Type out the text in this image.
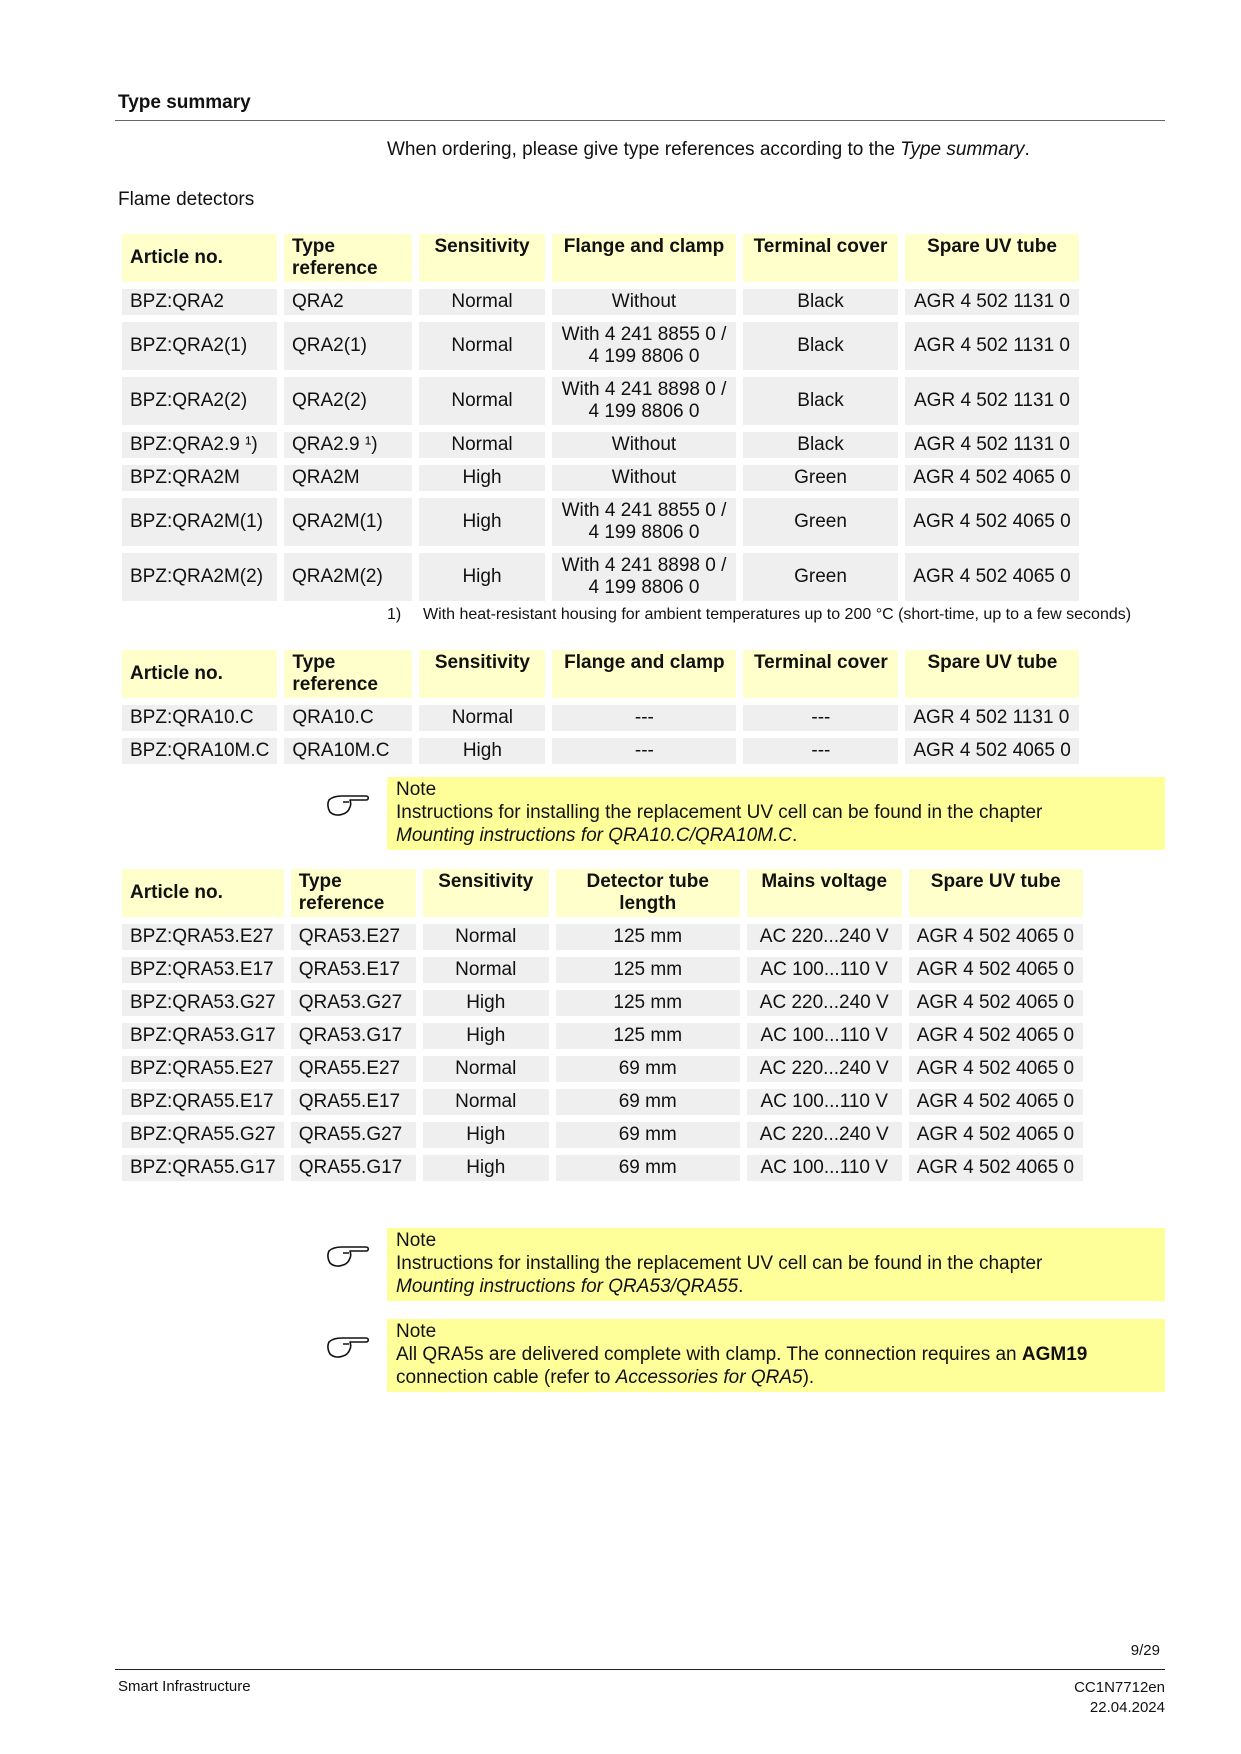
Type summary
When ordering, please give type references according to the Type summary.
Flame detectors
Article no.	Type reference	Sensitivity	Flange and clamp	Terminal cover	Spare UV tube
BPZ:QRA2	QRA2	Normal	Without	Black	AGR 4 502 1131 0
BPZ:QRA2(1)	QRA2(1)	Normal	With 4 241 8855 0 / 4 199 8806 0	Black	AGR 4 502 1131 0
BPZ:QRA2(2)	QRA2(2)	Normal	With 4 241 8898 0 / 4 199 8806 0	Black	AGR 4 502 1131 0
BPZ:QRA2.9 ¹)	QRA2.9 ¹)	Normal	Without	Black	AGR 4 502 1131 0
BPZ:QRA2M	QRA2M	High	Without	Green	AGR 4 502 4065 0
BPZ:QRA2M(1)	QRA2M(1)	High	With 4 241 8855 0 / 4 199 8806 0	Green	AGR 4 502 4065 0
BPZ:QRA2M(2)	QRA2M(2)	High	With 4 241 8898 0 / 4 199 8806 0	Green	AGR 4 502 4065 0
1) With heat-resistant housing for ambient temperatures up to 200 °C (short-time, up to a few seconds)
Article no.	Type reference	Sensitivity	Flange and clamp	Terminal cover	Spare UV tube
BPZ:QRA10.C	QRA10.C	Normal	---	---	AGR 4 502 1131 0
BPZ:QRA10M.C	QRA10M.C	High	---	---	AGR 4 502 4065 0
Note
Instructions for installing the replacement UV cell can be found in the chapter
Mounting instructions for QRA10.C/QRA10M.C.
Article no.	Type reference	Sensitivity	Detector tube length	Mains voltage	Spare UV tube
BPZ:QRA53.E27	QRA53.E27	Normal	125 mm	AC 220...240 V	AGR 4 502 4065 0
BPZ:QRA53.E17	QRA53.E17	Normal	125 mm	AC 100...110 V	AGR 4 502 4065 0
BPZ:QRA53.G27	QRA53.G27	High	125 mm	AC 220...240 V	AGR 4 502 4065 0
BPZ:QRA53.G17	QRA53.G17	High	125 mm	AC 100...110 V	AGR 4 502 4065 0
BPZ:QRA55.E27	QRA55.E27	Normal	69 mm	AC 220...240 V	AGR 4 502 4065 0
BPZ:QRA55.E17	QRA55.E17	Normal	69 mm	AC 100...110 V	AGR 4 502 4065 0
BPZ:QRA55.G27	QRA55.G27	High	69 mm	AC 220...240 V	AGR 4 502 4065 0
BPZ:QRA55.G17	QRA55.G17	High	69 mm	AC 100...110 V	AGR 4 502 4065 0
Note
Instructions for installing the replacement UV cell can be found in the chapter
Mounting instructions for QRA53/QRA55.
Note
All QRA5s are delivered complete with clamp. The connection requires an AGM19
connection cable (refer to Accessories for QRA5).
9/29
Smart Infrastructure	CC1N7712en
22.04.2024
